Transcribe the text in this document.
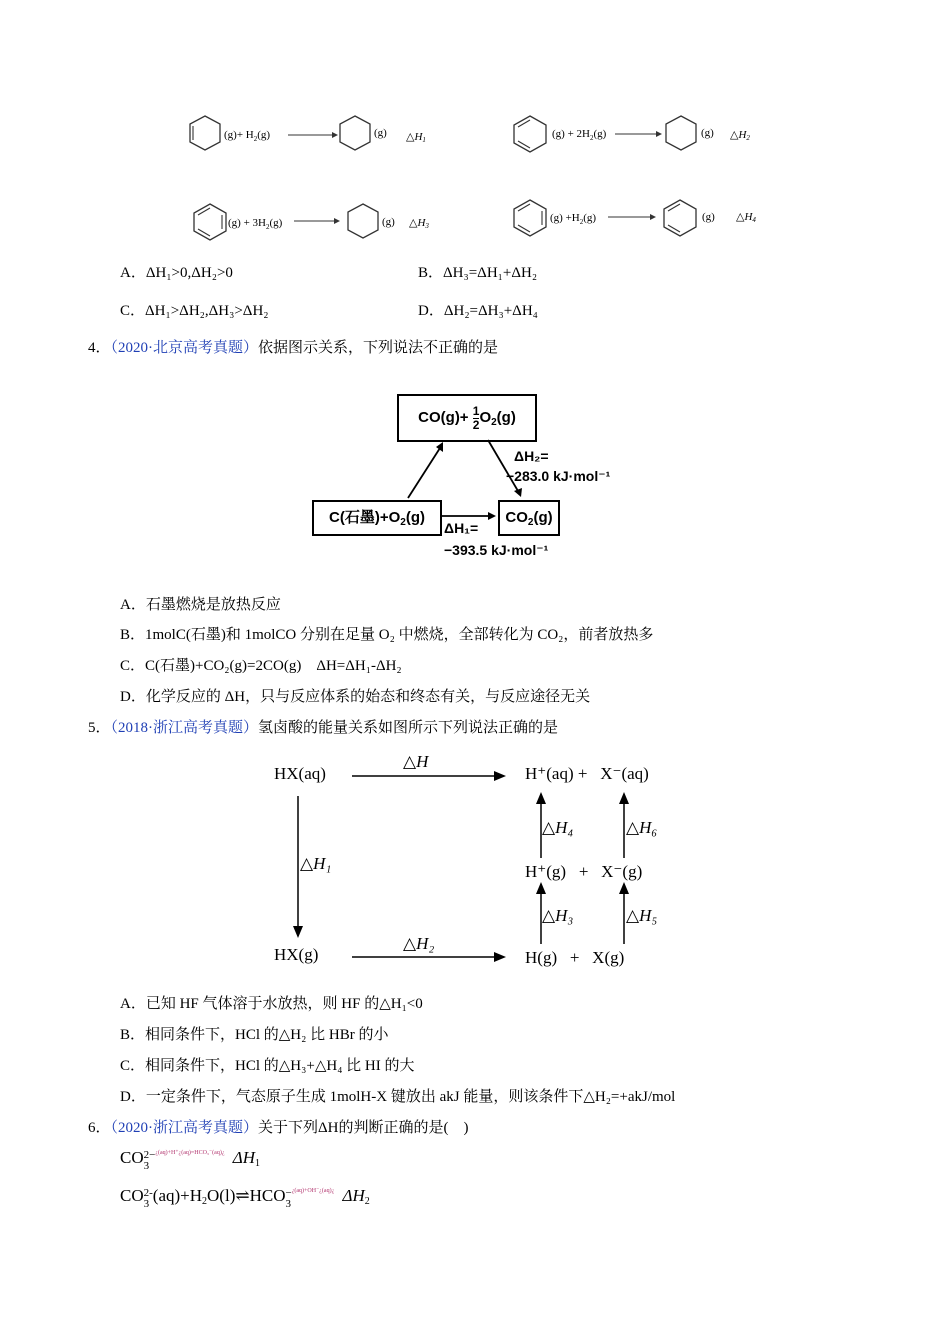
$(g)+ H_2(g)$	(g) △H1	$(g) + 2H_2(g)$	(g) △H2
$(g) + 3H_2(g)$	(g) △H3
$(g) +H_2(g)$	(g) △H4
A．ΔH₁>0,ΔH₂>0	B．ΔH₃=ΔH₁+ΔH₂
C．ΔH₁>ΔH₂,ΔH₃>ΔH₂	D．ΔH₂=ΔH₃+ΔH₄
4．（2020·北京高考真题）依据图示关系，下列说法不正确的是
$CO(g)+ \frac{1}{2} O_2(g)$
C(石墨)$+O_2(g)$	$CO_2(g)$
ΔH₂=
−283.0 kJ·mol⁻¹
ΔH₁=
−393.5 kJ·mol⁻¹
A．石墨燃烧是放热反应
B．1molC(石墨)和 1molCO 分别在足量 O₂ 中燃烧，全部转化为 CO₂，前者放热多
C．C(石墨)+CO₂(g)=2CO(g)　ΔH=ΔH₁-ΔH₂
D．化学反应的 ΔH，只与反应体系的始态和终态有关，与反应途径无关
5．（2018·浙江高考真题）氢卤酸的能量关系如图所示下列说法正确的是
HX(aq)
HX(g)
H⁺(aq) +   X⁻(aq)
H⁺(g)   +   X⁻(g)
H(g)   +   X(g)
△H
△H₁
△H₂
△H₃
△H₄
△H₅
△H₆
A．已知 HF 气体溶于水放热，则 HF 的△H₁<0
B．相同条件下，HCl 的△H₂ 比 HBr 的小
C．相同条件下，HCl 的△H₃+△H₄ 比 HI 的大
D．一定条件下，气态原子生成 1molH-X 键放出 akJ 能量，则该条件下△H₂=+akJ/mol
6．（2020·浙江高考真题）关于下列ΔH的判断正确的是(　)
CO 2−
3
$^{¿(aq)+H^+¿(aq)=HCO_3^-(aq)¿}$ $\Delta H_1$
CO 2-
3 $(aq)+H_2O(l)\rightleftharpoons HCO$ −
3
$^{¿(aq)+OH^-¿(aq)¿}$ $\Delta H_2$
